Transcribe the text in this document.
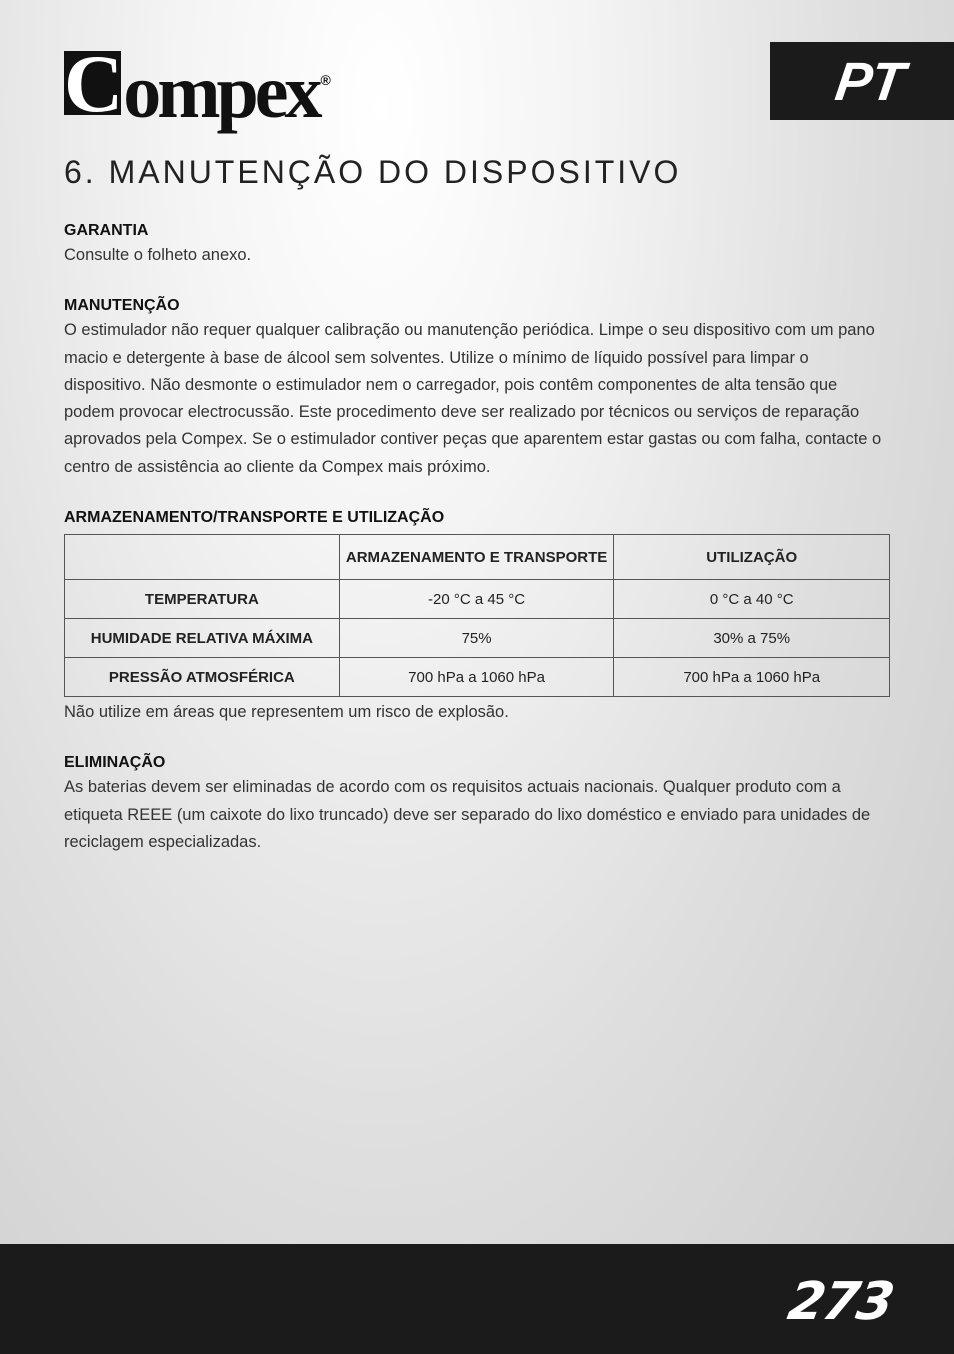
Compex ®	PT
6. MANUTENÇÃO DO DISPOSITIVO
GARANTIA

Consulte o folheto anexo.

MANUTENÇÃO

O estimulador não requer qualquer calibração ou manutenção periódica. Limpe o seu dispositivo com um pano macio e detergente à base de álcool sem solventes. Utilize o mínimo de líquido possível para limpar o dispositivo. Não desmonte o estimulador nem o carregador, pois contêm componentes de alta tensão que podem provocar electrocussão. Este procedimento deve ser realizado por técnicos ou serviços de reparação aprovados pela Compex. Se o estimulador contiver peças que aparentem estar gastas ou com falha, contacte o centro de assistência ao cliente da Compex mais próximo.

ARMAZENAMENTO/TRANSPORTE E UTILIZAÇÃO
	ARMAZENAMENTO E TRANSPORTE	UTILIZAÇÃO
TEMPERATURA	-20 °C a 45 °C	0 °C a 40 °C
HUMIDADE RELATIVA MÁXIMA	75%	30% a 75%
PRESSÃO ATMOSFÉRICA	700 hPa a 1060 hPa	700 hPa a 1060 hPa

Não utilize em áreas que representem um risco de explosão.

ELIMINAÇÃO

As baterias devem ser eliminadas de acordo com os requisitos actuais nacionais. Qualquer produto com a etiqueta REEE (um caixote do lixo truncado) deve ser separado do lixo doméstico e enviado para unidades de reciclagem especializadas.

273
